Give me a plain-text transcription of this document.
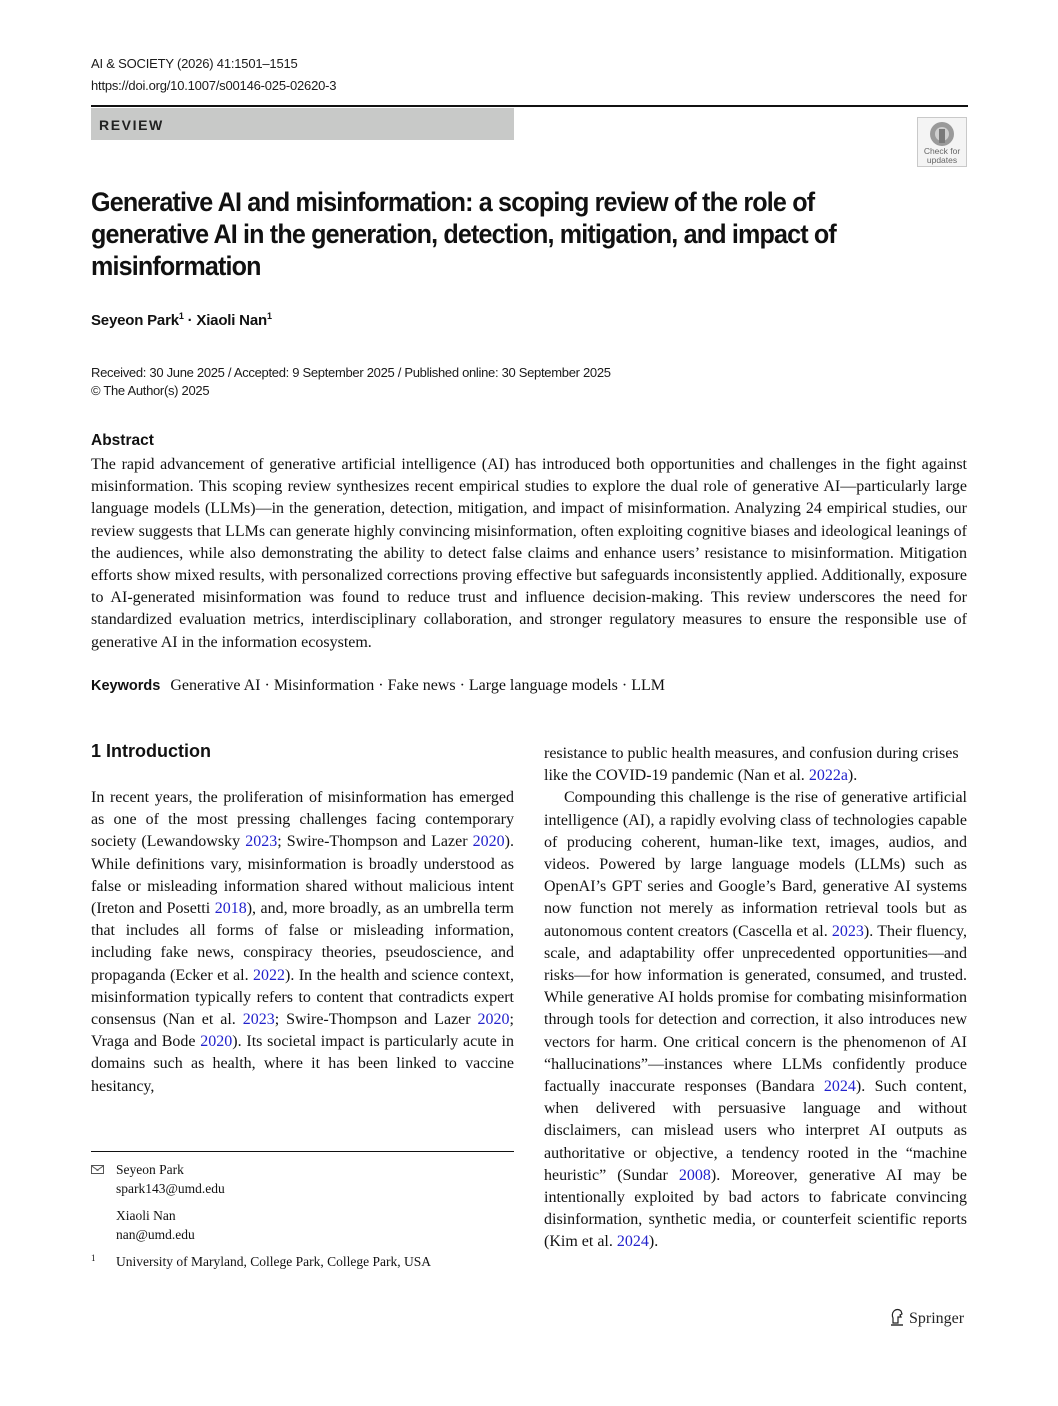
AI & SOCIETY (2026) 41:1501–1515
https://doi.org/10.1007/s00146-025-02620-3
REVIEW
Check for
updates
Generative AI and misinformation: a scoping review of the role of generative AI in the generation, detection, mitigation, and impact of misinformation
Seyeon Park$^1$ · Xiaoli Nan$^1$
Received: 30 June 2025 / Accepted: 9 September 2025 / Published online: 30 September 2025
© The Author(s) 2025
Abstract
The rapid advancement of generative artificial intelligence (AI) has introduced both opportunities and challenges in the fight against misinformation. This scoping review synthesizes recent empirical studies to explore the dual role of generative AI—particularly large language models (LLMs)—in the generation, detection, mitigation, and impact of misinformation. Analyzing 24 empirical studies, our review suggests that LLMs can generate highly convincing misinformation, often exploiting cognitive biases and ideological leanings of the audiences, while also demonstrating the ability to detect false claims and enhance users’ resistance to misinformation. Mitigation efforts show mixed results, with personalized corrections proving effective but safeguards inconsistently applied. Additionally, exposure to AI-generated misinformation was found to reduce trust and influence decision-making. This review underscores the need for standardized evaluation metrics, interdisciplinary collaboration, and stronger regulatory measures to ensure the responsible use of generative AI in the information ecosystem.
Keywords Generative AI · Misinformation · Fake news · Large language models · LLM
1 Introduction

In recent years, the proliferation of misinformation has emerged as one of the most pressing challenges facing contemporary society (Lewandowsky 2023; Swire-Thompson and Lazer 2020). While definitions vary, misinformation is broadly understood as false or misleading information shared without malicious intent (Ireton and Posetti 2018), and, more broadly, as an umbrella term that includes all forms of false or misleading information, including fake news, conspiracy theories, pseudoscience, and propaganda (Ecker et al. 2022). In the health and science context, misinformation typically refers to content that contradicts expert consensus (Nan et al. 2023; Swire-Thompson and Lazer 2020; Vraga and Bode 2020). Its societal impact is particularly acute in domains such as health, where it has been linked to vaccine hesitancy,

resistance to public health measures, and confusion during crises like the COVID-19 pandemic (Nan et al. 2022a).

Compounding this challenge is the rise of generative artificial intelligence (AI), a rapidly evolving class of technologies capable of producing coherent, human-like text, images, audios, and videos. Powered by large language models (LLMs) such as OpenAI’s GPT series and Google’s Bard, generative AI systems now function not merely as information retrieval tools but as autonomous content creators (Cascella et al. 2023). Their fluency, scale, and adaptability offer unprecedented opportunities—and risks—for how information is generated, consumed, and trusted. While generative AI holds promise for combating misinformation through tools for detection and correction, it also introduces new vectors for harm. One critical concern is the phenomenon of AI “hallucinations”—instances where LLMs confidently produce factually inaccurate responses (Bandara 2024). Such content, when delivered with persuasive language and without disclaimers, can mislead users who interpret AI outputs as authoritative or objective, a tendency rooted in the “machine heuristic” (Sundar 2008). Moreover, generative AI may be intentionally exploited by bad actors to fabricate convincing disinformation, synthetic media, or counterfeit scientific reports (Kim et al. 2024).

Seyeon Park
spark143@umd.edu
Xiaoli Nan
nan@umd.edu
1 University of Maryland, College Park, College Park, USA
Springer
